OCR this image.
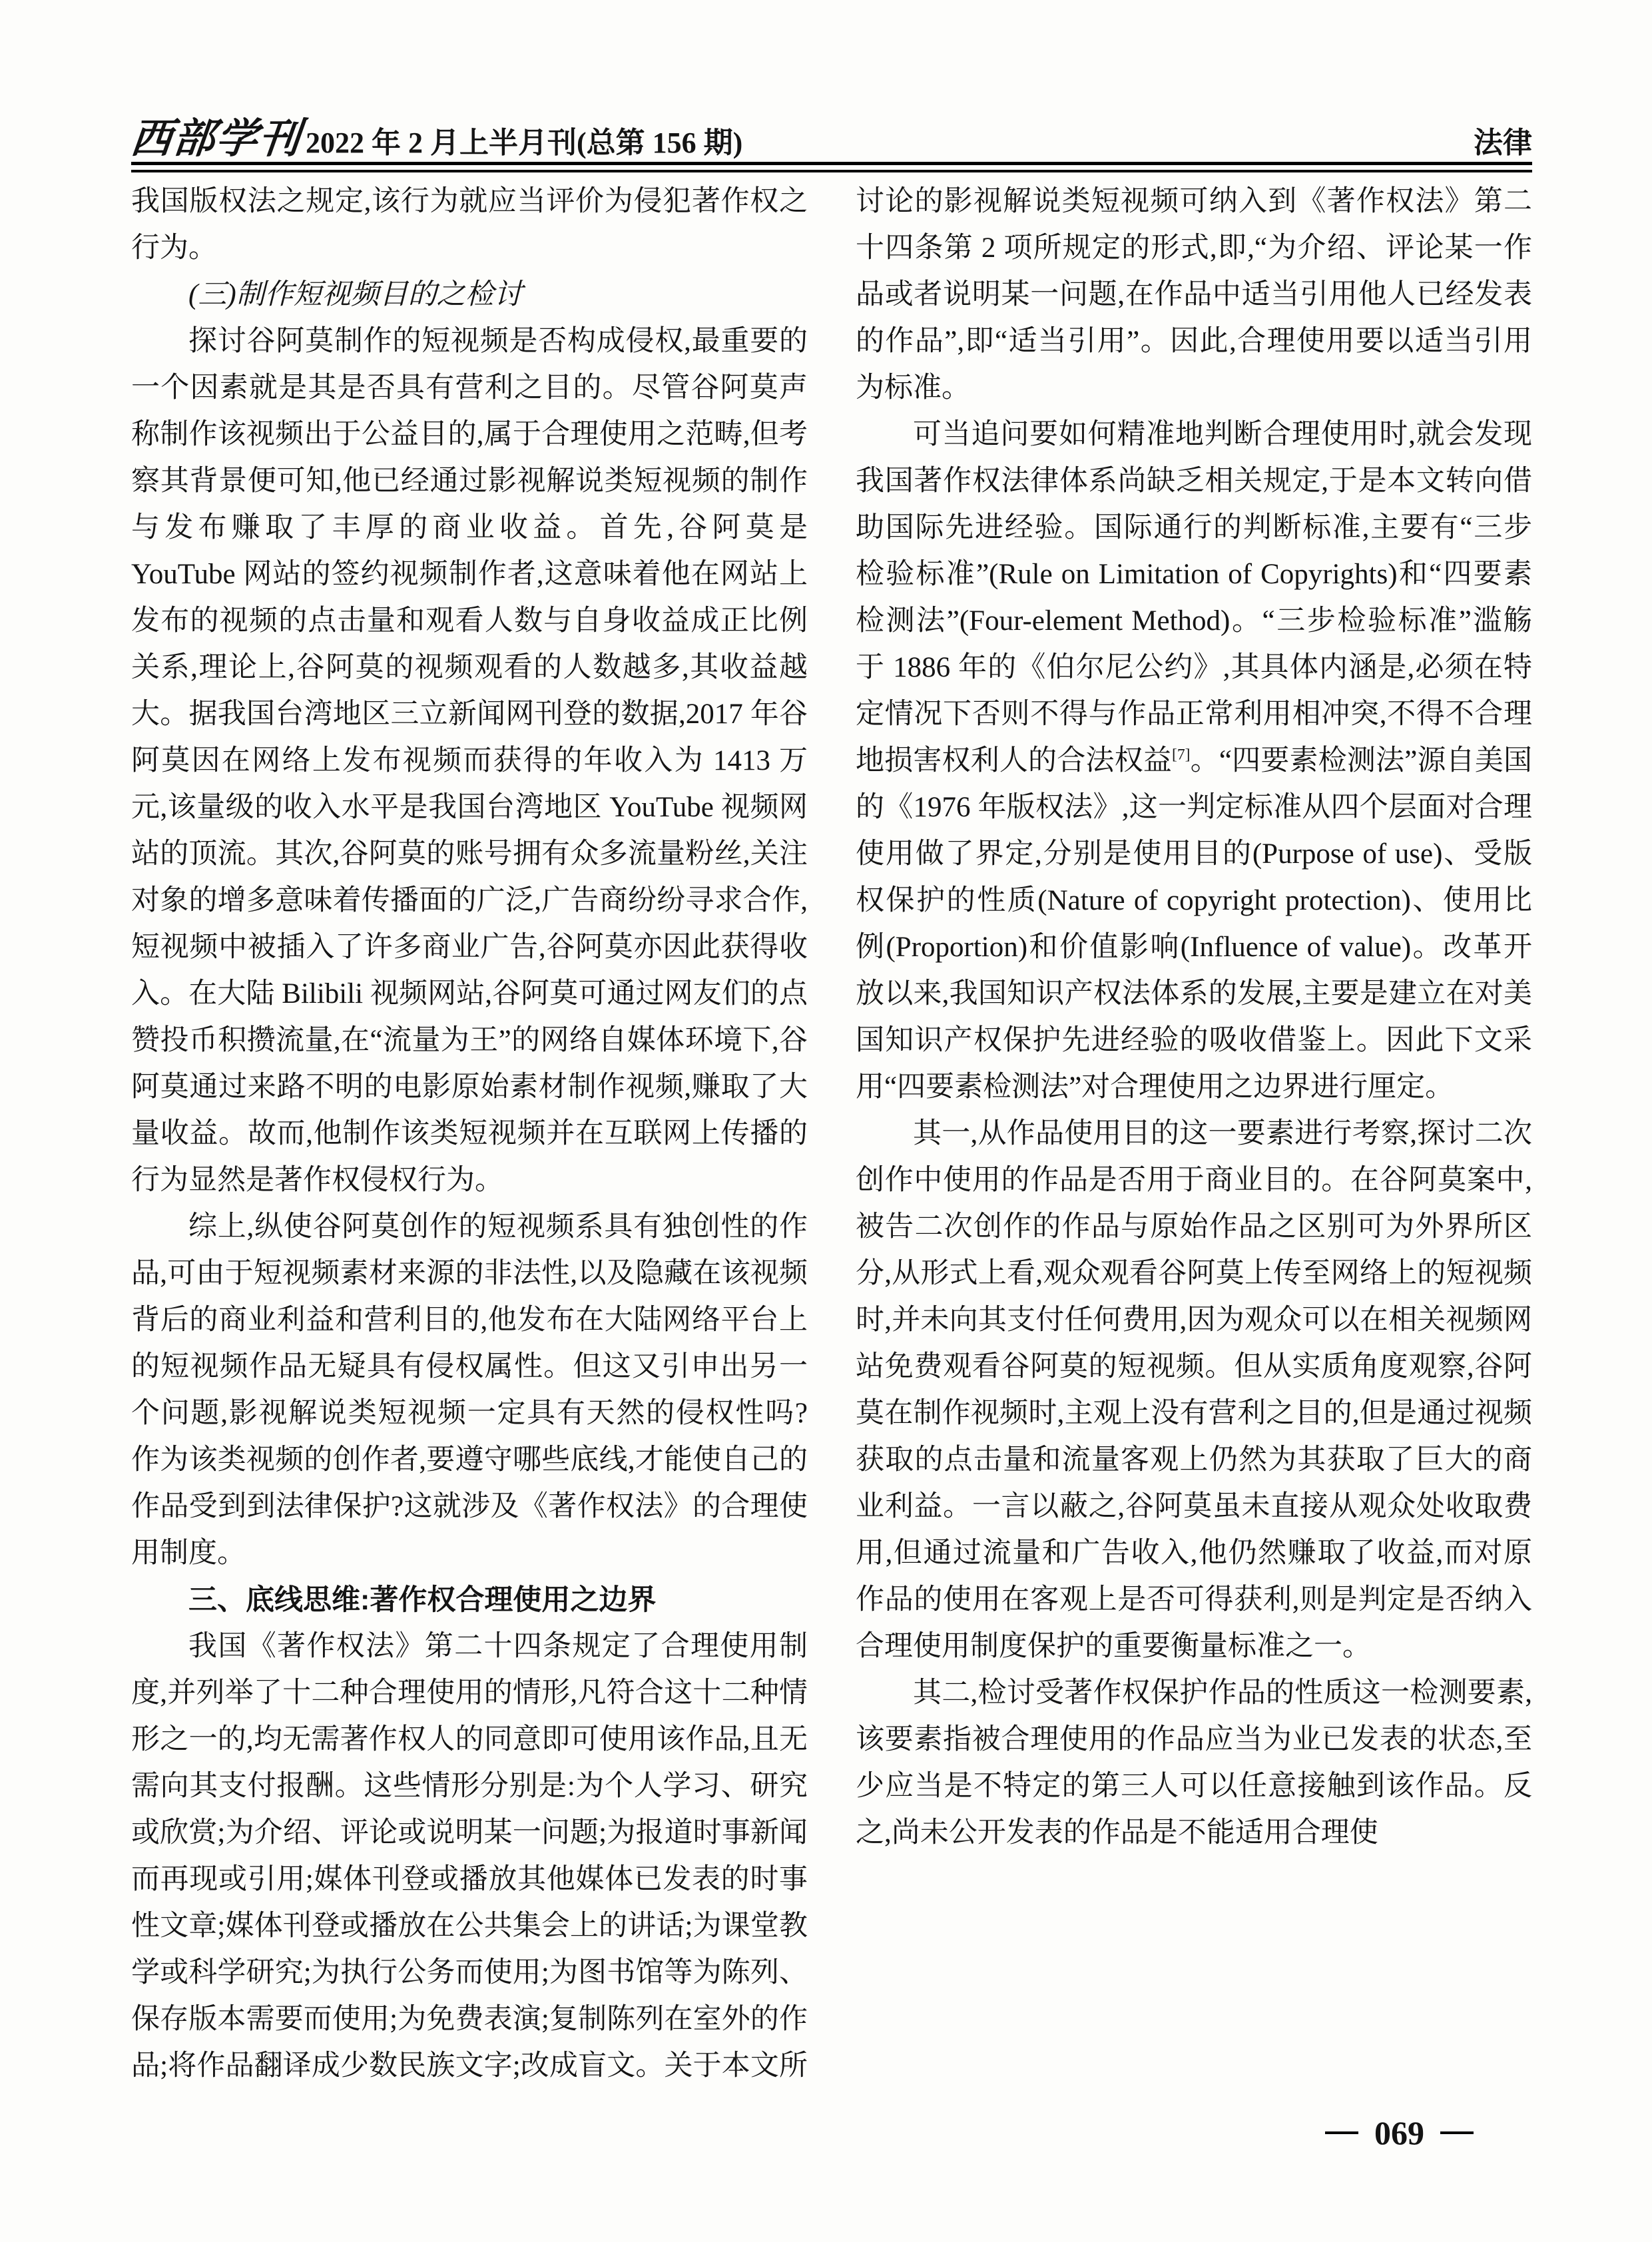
西部学刊 2022 年 2 月上半月刊(总第 156 期)	法律

我国版权法之规定,该行为就应当评价为侵犯著作权之行为。

(三)制作短视频目的之检讨

探讨谷阿莫制作的短视频是否构成侵权,最重要的一个因素就是其是否具有营利之目的。尽管谷阿莫声称制作该视频出于公益目的,属于合理使用之范畴,但考察其背景便可知,他已经通过影视解说类短视频的制作与发布赚取了丰厚的商业收益。首先,谷阿莫是 YouTube 网站的签约视频制作者,这意味着他在网站上发布的视频的点击量和观看人数与自身收益成正比例关系,理论上,谷阿莫的视频观看的人数越多,其收益越大。据我国台湾地区三立新闻网刊登的数据,2017 年谷阿莫因在网络上发布视频而获得的年收入为 1413 万元,该量级的收入水平是我国台湾地区 YouTube 视频网站的顶流。其次,谷阿莫的账号拥有众多流量粉丝,关注对象的增多意味着传播面的广泛,广告商纷纷寻求合作,短视频中被插入了许多商业广告,谷阿莫亦因此获得收入。在大陆 Bilibili 视频网站,谷阿莫可通过网友们的点赞投币积攒流量,在“流量为王”的网络自媒体环境下,谷阿莫通过来路不明的电影原始素材制作视频,赚取了大量收益。故而,他制作该类短视频并在互联网上传播的行为显然是著作权侵权行为。

综上,纵使谷阿莫创作的短视频系具有独创性的作品,可由于短视频素材来源的非法性,以及隐藏在该视频背后的商业利益和营利目的,他发布在大陆网络平台上的短视频作品无疑具有侵权属性。但这又引申出另一个问题,影视解说类短视频一定具有天然的侵权性吗?作为该类视频的创作者,要遵守哪些底线,才能使自己的作品受到到法律保护?这就涉及《著作权法》的合理使用制度。

三、底线思维:著作权合理使用之边界

我国《著作权法》第二十四条规定了合理使用制度,并列举了十二种合理使用的情形,凡符合这十二种情形之一的,均无需著作权人的同意即可使用该作品,且无需向其支付报酬。这些情形分别是:为个人学习、研究或欣赏;为介绍、评论或说明某一问题;为报道时事新闻而再现或引用;媒体刊登或播放其他媒体已发表的时事性文章;媒体刊登或播放在公共集会上的讲话;为课堂教学或科学研究;为执行公务而使用;为图书馆等为陈列、保存版本需要而使用;为免费表演;复制陈列在室外的作品;将作品翻译成少数民族文字;改成盲文。关于本文所讨论的影视解说类短视频可纳入到《著作权法》第二十四条第 2 项所规定的形式,即,“为介绍、评论某一作品或者说明某一问题,在作品中适当引用他人已经发表的作品”,即“适当引用”。因此,合理使用要以适当引用为标准。

可当追问要如何精准地判断合理使用时,就会发现我国著作权法律体系尚缺乏相关规定,于是本文转向借助国际先进经验。国际通行的判断标准,主要有“三步检验标准”(Rule on Limitation of Copyrights)和“四要素检测法”(Four-element Method)。“三步检验标准”滥觞于 1886 年的《伯尔尼公约》,其具体内涵是,必须在特定情况下否则不得与作品正常利用相冲突,不得不合理地损害权利人的合法权益[7]。“四要素检测法”源自美国的《1976 年版权法》,这一判定标准从四个层面对合理使用做了界定,分别是使用目的(Purpose of use)、受版权保护的性质(Nature of copyright protection)、使用比例(Proportion)和价值影响(Influence of value)。改革开放以来,我国知识产权法体系的发展,主要是建立在对美国知识产权保护先进经验的吸收借鉴上。因此下文采用“四要素检测法”对合理使用之边界进行厘定。

其一,从作品使用目的这一要素进行考察,探讨二次创作中使用的作品是否用于商业目的。在谷阿莫案中,被告二次创作的作品与原始作品之区别可为外界所区分,从形式上看,观众观看谷阿莫上传至网络上的短视频时,并未向其支付任何费用,因为观众可以在相关视频网站免费观看谷阿莫的短视频。但从实质角度观察,谷阿莫在制作视频时,主观上没有营利之目的,但是通过视频获取的点击量和流量客观上仍然为其获取了巨大的商业利益。一言以蔽之,谷阿莫虽未直接从观众处收取费用,但通过流量和广告收入,他仍然赚取了收益,而对原作品的使用在客观上是否可得获利,则是判定是否纳入合理使用制度保护的重要衡量标准之一。

其二,检讨受著作权保护作品的性质这一检测要素,该要素指被合理使用的作品应当为业已发表的状态,至少应当是不特定的第三人可以任意接触到该作品。反之,尚未公开发表的作品是不能适用合理使

069
